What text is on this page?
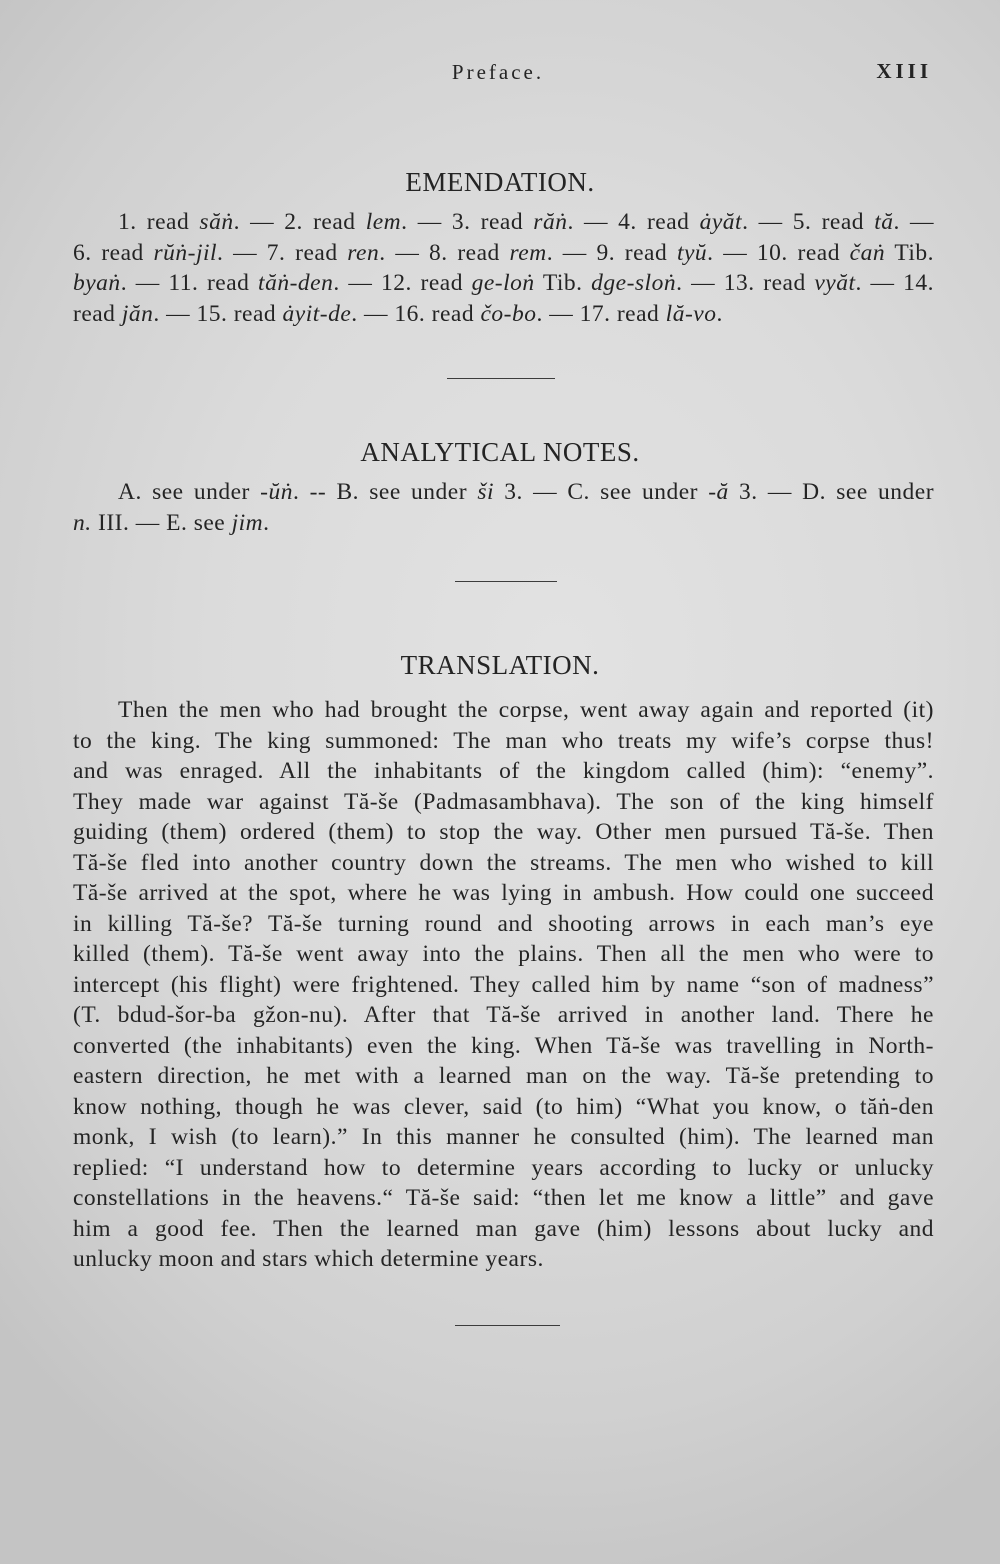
Preface.	XIII
EMENDATION.
1. read săṅ. — 2. read lem. — 3. read răṅ. — 4. read ȧyăt. — 5. read tă. —
6. read rŭṅ-jil. — 7. read ren. — 8. read rem. — 9. read tyŭ. — 10. read čaṅ Tib.
byaṅ. — 11. read tăṅ-den. — 12. read ge-loṅ Tib. dge-sloṅ. — 13. read vyăt. — 14.
read jăn. — 15. read ȧyit-de. — 16. read čo-bo. — 17. read lă-vo.
ANALYTICAL NOTES.
A. see under -ŭṅ. -- B. see under ši 3. — C. see under -ă 3. — D. see under
n. III. — E. see jim.
TRANSLATION.
Then the men who had brought the corpse, went away again and reported (it)
to the king. The king summoned: The man who treats my wife’s corpse thus!
and was enraged. All the inhabitants of the kingdom called (him): “enemy”.
They made war against Tă-še (Padmasambhava). The son of the king himself
guiding (them) ordered (them) to stop the way. Other men pursued Tă-še. Then
Tă-še fled into another country down the streams. The men who wished to kill
Tă-še arrived at the spot, where he was lying in ambush. How could one succeed
in killing Tă-še? Tă-še turning round and shooting arrows in each man’s eye
killed (them). Tă-še went away into the plains. Then all the men who were to
intercept (his flight) were frightened. They called him by name “son of madness”
(T. bdud-šor-ba gžon-nu). After that Tă-še arrived in another land. There he
converted (the inhabitants) even the king. When Tă-še was travelling in North-
eastern direction, he met with a learned man on the way. Tă-še pretending to
know nothing, though he was clever, said (to him) “What you know, o tăṅ-den
monk, I wish (to learn).” In this manner he consulted (him). The learned man
replied: “I understand how to determine years according to lucky or unlucky
constellations in the heavens.“ Tă-še said: “then let me know a little” and gave
him a good fee. Then the learned man gave (him) lessons about lucky and
unlucky moon and stars which determine years.
